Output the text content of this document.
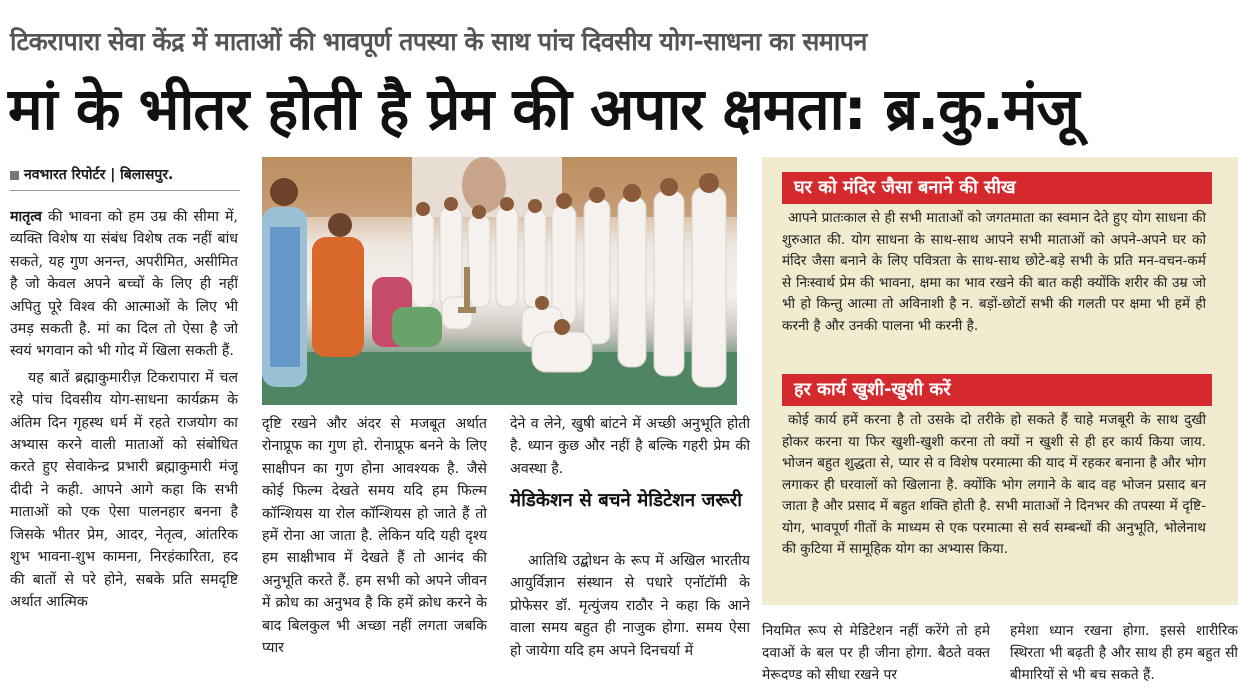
टिकरापारा सेवा केंद्र में माताओं की भावपूर्ण तपस्या के साथ पांच दिवसीय योग-साधना का समापन
मां के भीतर होती है प्रेम की अपार क्षमता: ब्र.कु.मंजू
नवभारत रिपोर्टर | बिलासपुर.

मातृत्व की भावना को हम उम्र की सीमा में, व्यक्ति विशेष या संबंध विशेष तक नहीं बांध सकते, यह गुण अनन्त, अपरीमित, असीमित है जो केवल अपने बच्चों के लिए ही नहीं अपितु पूरे विश्व की आत्माओं के लिए भी उमड़ सकती है. मां का दिल तो ऐसा है जो स्वयं भगवान को भी गोद में खिला सकती हैं.

यह बातें ब्रह्माकुमारीज़ टिकरापारा में चल रहे पांच दिवसीय योग-साधना कार्यक्रम के अंतिम दिन गृहस्थ धर्म में रहते राजयोग का अभ्यास करने वाली माताओं को संबोधित करते हुए सेवाकेन्द्र प्रभारी ब्रह्माकुमारी मंजू दीदी ने कही. आपने आगे कहा कि सभी माताओं को एक ऐसा पालनहार बनना है जिसके भीतर प्रेम, आदर, नेतृत्व, आंतरिक शुभ भावना-शुभ कामना, निरहंकारिता, हद की बातों से परे होने, सबके प्रति समदृष्टि अर्थात आत्मिक

दृष्टि रखने और अंदर से मजबूत अर्थात रोनाप्रूफ का गुण हो. रोनाप्रूफ बनने के लिए साक्षीपन का गुण होना आवश्यक है. जैसे कोई फिल्म देखते समय यदि हम फिल्म कॉन्शियस या रोल कॉन्शियस हो जाते हैं तो हमें रोना आ जाता है. लेकिन यदि यही दृश्य हम साक्षीभाव में देखते हैं तो आनंद की अनुभूति करते हैं. हम सभी को अपने जीवन में क्रोध का अनुभव है कि हमें क्रोध करने के बाद बिलकुल भी अच्छा नहीं लगता जबकि प्यार

देने व लेने, खुषी बांटने में अच्छी अनुभूति होती है. ध्यान कुछ और नहीं है बल्कि गहरी प्रेम की अवस्था है.

मेडिकेशन से बचने मेडिटेशन जरूरी

आतिथि उद्बोधन के रूप में अखिल भारतीय आयुर्विज्ञान संस्थान से पधारे एनॉटॉमी के प्रोफेसर डॉ. मृत्युंजय राठौर ने कहा कि आने वाला समय बहुत ही नाजुक होगा. समय ऐसा हो जायेगा यदि हम अपने दिनचर्या में

घर को मंदिर जैसा बनाने की सीख

आपने प्रातःकाल से ही सभी माताओं को जगतमाता का स्वमान देते हुए योग साधना की शुरुआत की. योग साधना के साथ-साथ आपने सभी माताओं को अपने-अपने घर को मंदिर जैसा बनाने के लिए पवित्रता के साथ-साथ छोटे-बड़े सभी के प्रति मन-वचन-कर्म से निःस्वार्थ प्रेम की भावना, क्षमा का भाव रखने की बात कही क्योंकि शरीर की उम्र जो भी हो किन्तु आत्मा तो अविनाशी है न. बड़ों-छोटों सभी की गलती पर क्षमा भी हमें ही करनी है और उनकी पालना भी करनी है.

हर कार्य खुशी-खुशी करें

कोई कार्य हमें करना है तो उसके दो तरीके हो सकते हैं चाहे मजबूरी के साथ दुखी होकर करना या फिर खुशी-खुशी करना तो क्यों न खुशी से ही हर कार्य किया जाय. भोजन बहुत शुद्धता से, प्यार से व विशेष परमात्मा की याद में रहकर बनाना है और भोग लगाकर ही घरवालों को खिलाना है. क्योंकि भोग लगाने के बाद वह भोजन प्रसाद बन जाता है और प्रसाद में बहुत शक्ति होती है. सभी माताओं ने दिनभर की तपस्या में दृष्टि-योग, भावपूर्ण गीतों के माध्यम से एक परमात्मा से सर्व सम्बन्धों की अनुभूति, भोलेनाथ की कुटिया में सामूहिक योग का अभ्यास किया.

नियमित रूप से मेडिटेशन नहीं करेंगे तो हमे दवाओं के बल पर ही जीना होगा. बैठते वक्त मेरूदण्ड को सीधा रखने पर
हमेशा ध्यान रखना होगा. इससे शारीरिक स्थिरता भी बढ़ती है और साथ ही हम बहुत सी बीमारियों से भी बच सकते हैं.
